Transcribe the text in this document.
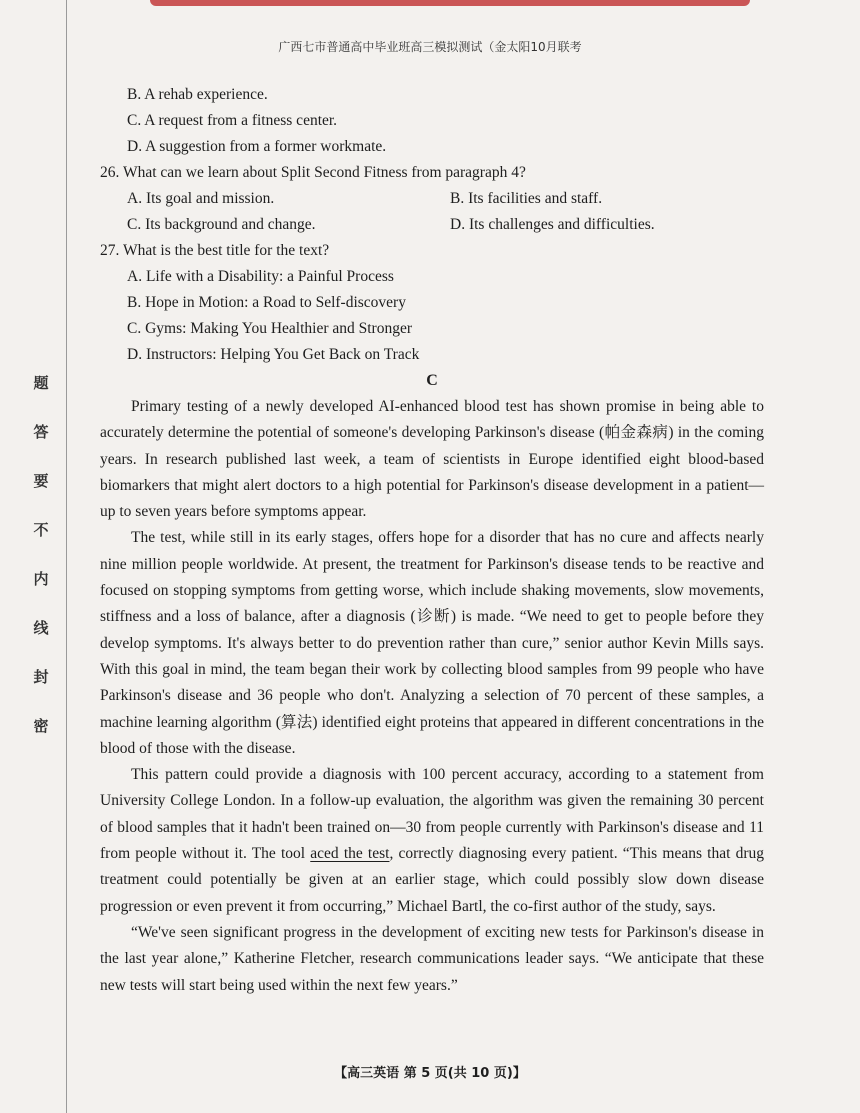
广西七市普通高中毕业班高三模拟测试（金太阳10月联考
题
答
要
不
内
线
封
密
B. A rehab experience.
C. A request from a fitness center.
D. A suggestion from a former workmate.
26. What can we learn about Split Second Fitness from paragraph 4?
A. Its goal and mission.	B. Its facilities and staff.
C. Its background and change.	D. Its challenges and difficulties.
27. What is the best title for the text?
A. Life with a Disability: a Painful Process
B. Hope in Motion: a Road to Self-discovery
C. Gyms: Making You Healthier and Stronger
D. Instructors: Helping You Get Back on Track
C

Primary testing of a newly developed AI-enhanced blood test has shown promise in being able to accurately determine the potential of someone's developing Parkinson's disease (帕金森病) in the coming years. In research published last week, a team of scientists in Europe identified eight blood-based biomarkers that might alert doctors to a high potential for Parkinson's disease development in a patient—up to seven years before symptoms appear.

The test, while still in its early stages, offers hope for a disorder that has no cure and affects nearly nine million people worldwide. At present, the treatment for Parkinson's disease tends to be reactive and focused on stopping symptoms from getting worse, which include shaking movements, slow movements, stiffness and a loss of balance, after a diagnosis (诊断) is made. “We need to get to people before they develop symptoms. It's always better to do prevention rather than cure,” senior author Kevin Mills says. With this goal in mind, the team began their work by collecting blood samples from 99 people who have Parkinson's disease and 36 people who don't. Analyzing a selection of 70 percent of these samples, a machine learning algorithm (算法) identified eight proteins that appeared in different concentrations in the blood of those with the disease.

This pattern could provide a diagnosis with 100 percent accuracy, according to a statement from University College London. In a follow-up evaluation, the algorithm was given the remaining 30 percent of blood samples that it hadn't been trained on—30 from people currently with Parkinson's disease and 11 from people without it. The tool aced the test, correctly diagnosing every patient. “This means that drug treatment could potentially be given at an earlier stage, which could possibly slow down disease progression or even prevent it from occurring,” Michael Bartl, the co-first author of the study, says.

“We've seen significant progress in the development of exciting new tests for Parkinson's disease in the last year alone,” Katherine Fletcher, research communications leader says. “We anticipate that these new tests will start being used within the next few years.”

【高三英语 第 5 页(共 10 页)】
